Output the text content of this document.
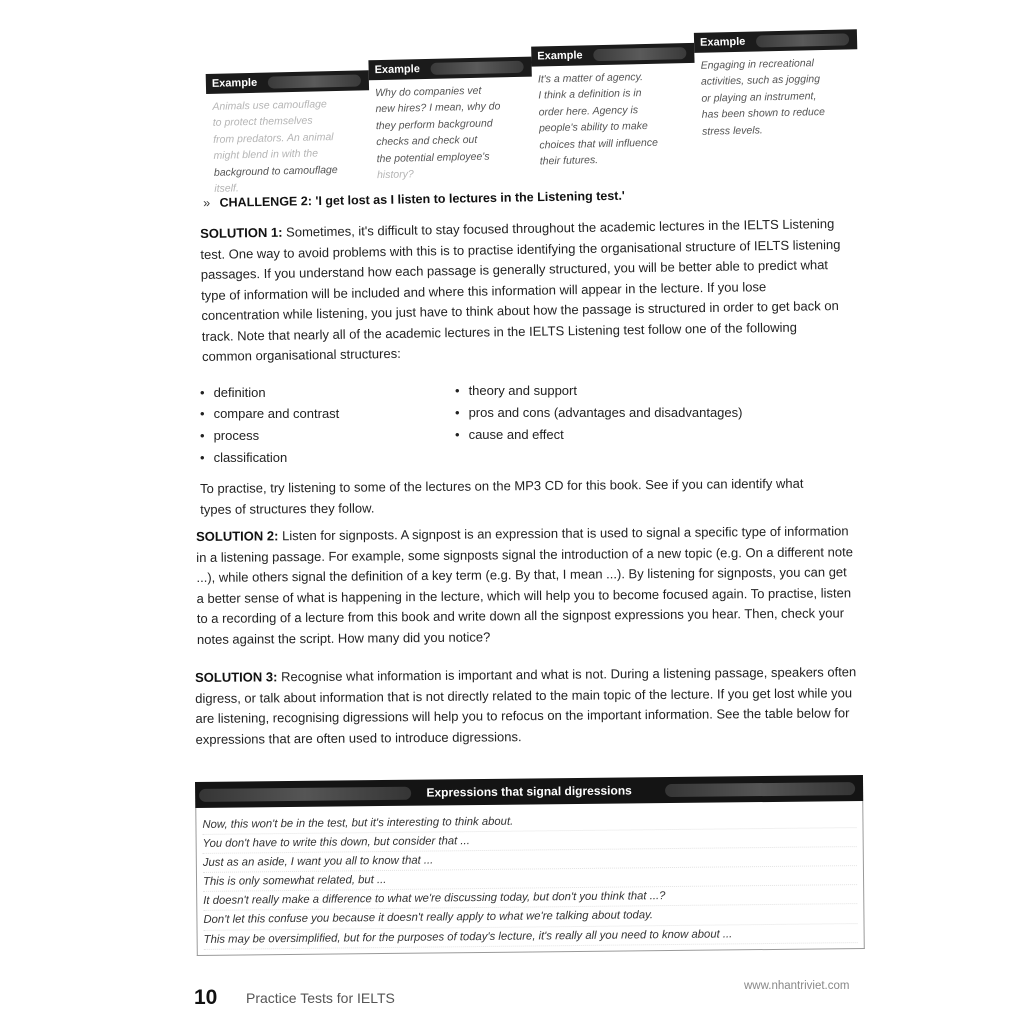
Example
Animals use camouflage
to protect themselves
from predators. An animal
might blend in with the
background to camouflage
itself.
Example
Why do companies vet
new hires? I mean, why do
they perform background
checks and check out
the potential employee's
history?
Example
It's a matter of agency.
I think a definition is in
order here. Agency is
people's ability to make
choices that will influence
their futures.
Example
Engaging in recreational
activities, such as jogging
or playing an instrument,
has been shown to reduce
stress levels.
» CHALLENGE 2: 'I get lost as I listen to lectures in the Listening test.'
SOLUTION 1: Sometimes, it's difficult to stay focused throughout the academic lectures in the IELTS Listening test. One way to avoid problems with this is to practise identifying the organisational structure of IELTS listening passages. If you understand how each passage is generally structured, you will be better able to predict what type of information will be included and where this information will appear in the lecture. If you lose concentration while listening, you just have to think about how the passage is structured in order to get back on track. Note that nearly all of the academic lectures in the IELTS Listening test follow one of the following common organisational structures:
• definition
• compare and contrast
• process
• classification
• theory and support
• pros and cons (advantages and disadvantages)
• cause and effect
To practise, try listening to some of the lectures on the MP3 CD for this book. See if you can identify what types of structures they follow.
SOLUTION 2: Listen for signposts. A signpost is an expression that is used to signal a specific type of information in a listening passage. For example, some signposts signal the introduction of a new topic (e.g. On a different note ...), while others signal the definition of a key term (e.g. By that, I mean ...). By listening for signposts, you can get a better sense of what is happening in the lecture, which will help you to become focused again. To practise, listen to a recording of a lecture from this book and write down all the signpost expressions you hear. Then, check your notes against the script. How many did you notice?
SOLUTION 3: Recognise what information is important and what is not. During a listening passage, speakers often digress, or talk about information that is not directly related to the main topic of the lecture. If you get lost while you are listening, recognising digressions will help you to refocus on the important information. See the table below for expressions that are often used to introduce digressions.
Expressions that signal digressions
Now, this won't be in the test, but it's interesting to think about.
You don't have to write this down, but consider that ...
Just as an aside, I want you all to know that ...
This is only somewhat related, but ...
It doesn't really make a difference to what we're discussing today, but don't you think that ...?
Don't let this confuse you because it doesn't really apply to what we're talking about today.
This may be oversimplified, but for the purposes of today's lecture, it's really all you need to know about ...
10 Practice Tests for IELTS
www.nhantriviet.com
